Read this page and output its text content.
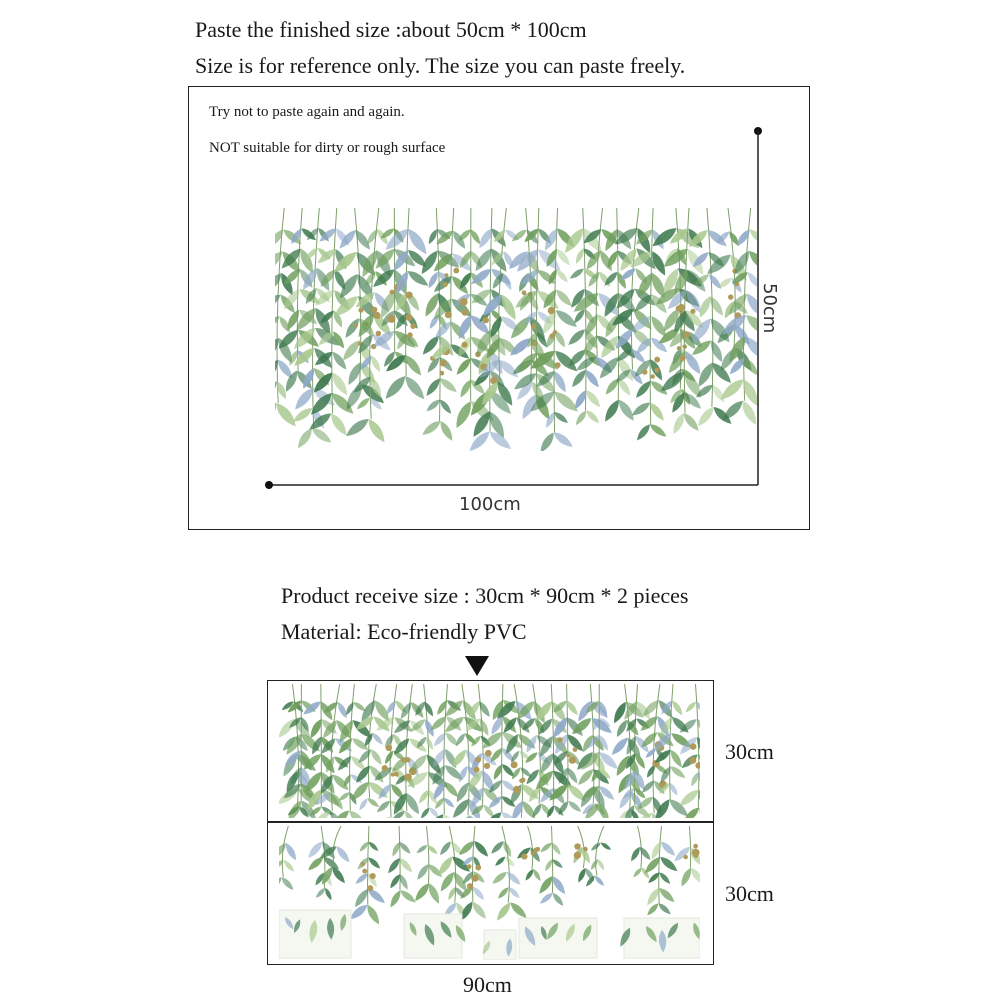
Paste the finished size :about 50cm * 100cm
Size is for reference only. The size you can paste freely.
Try not to paste again and again.
NOT suitable for dirty or rough surface
50cm
100cm
Product receive size : 30cm * 90cm * 2 pieces
Material: Eco-friendly PVC
30cm
30cm
90cm
